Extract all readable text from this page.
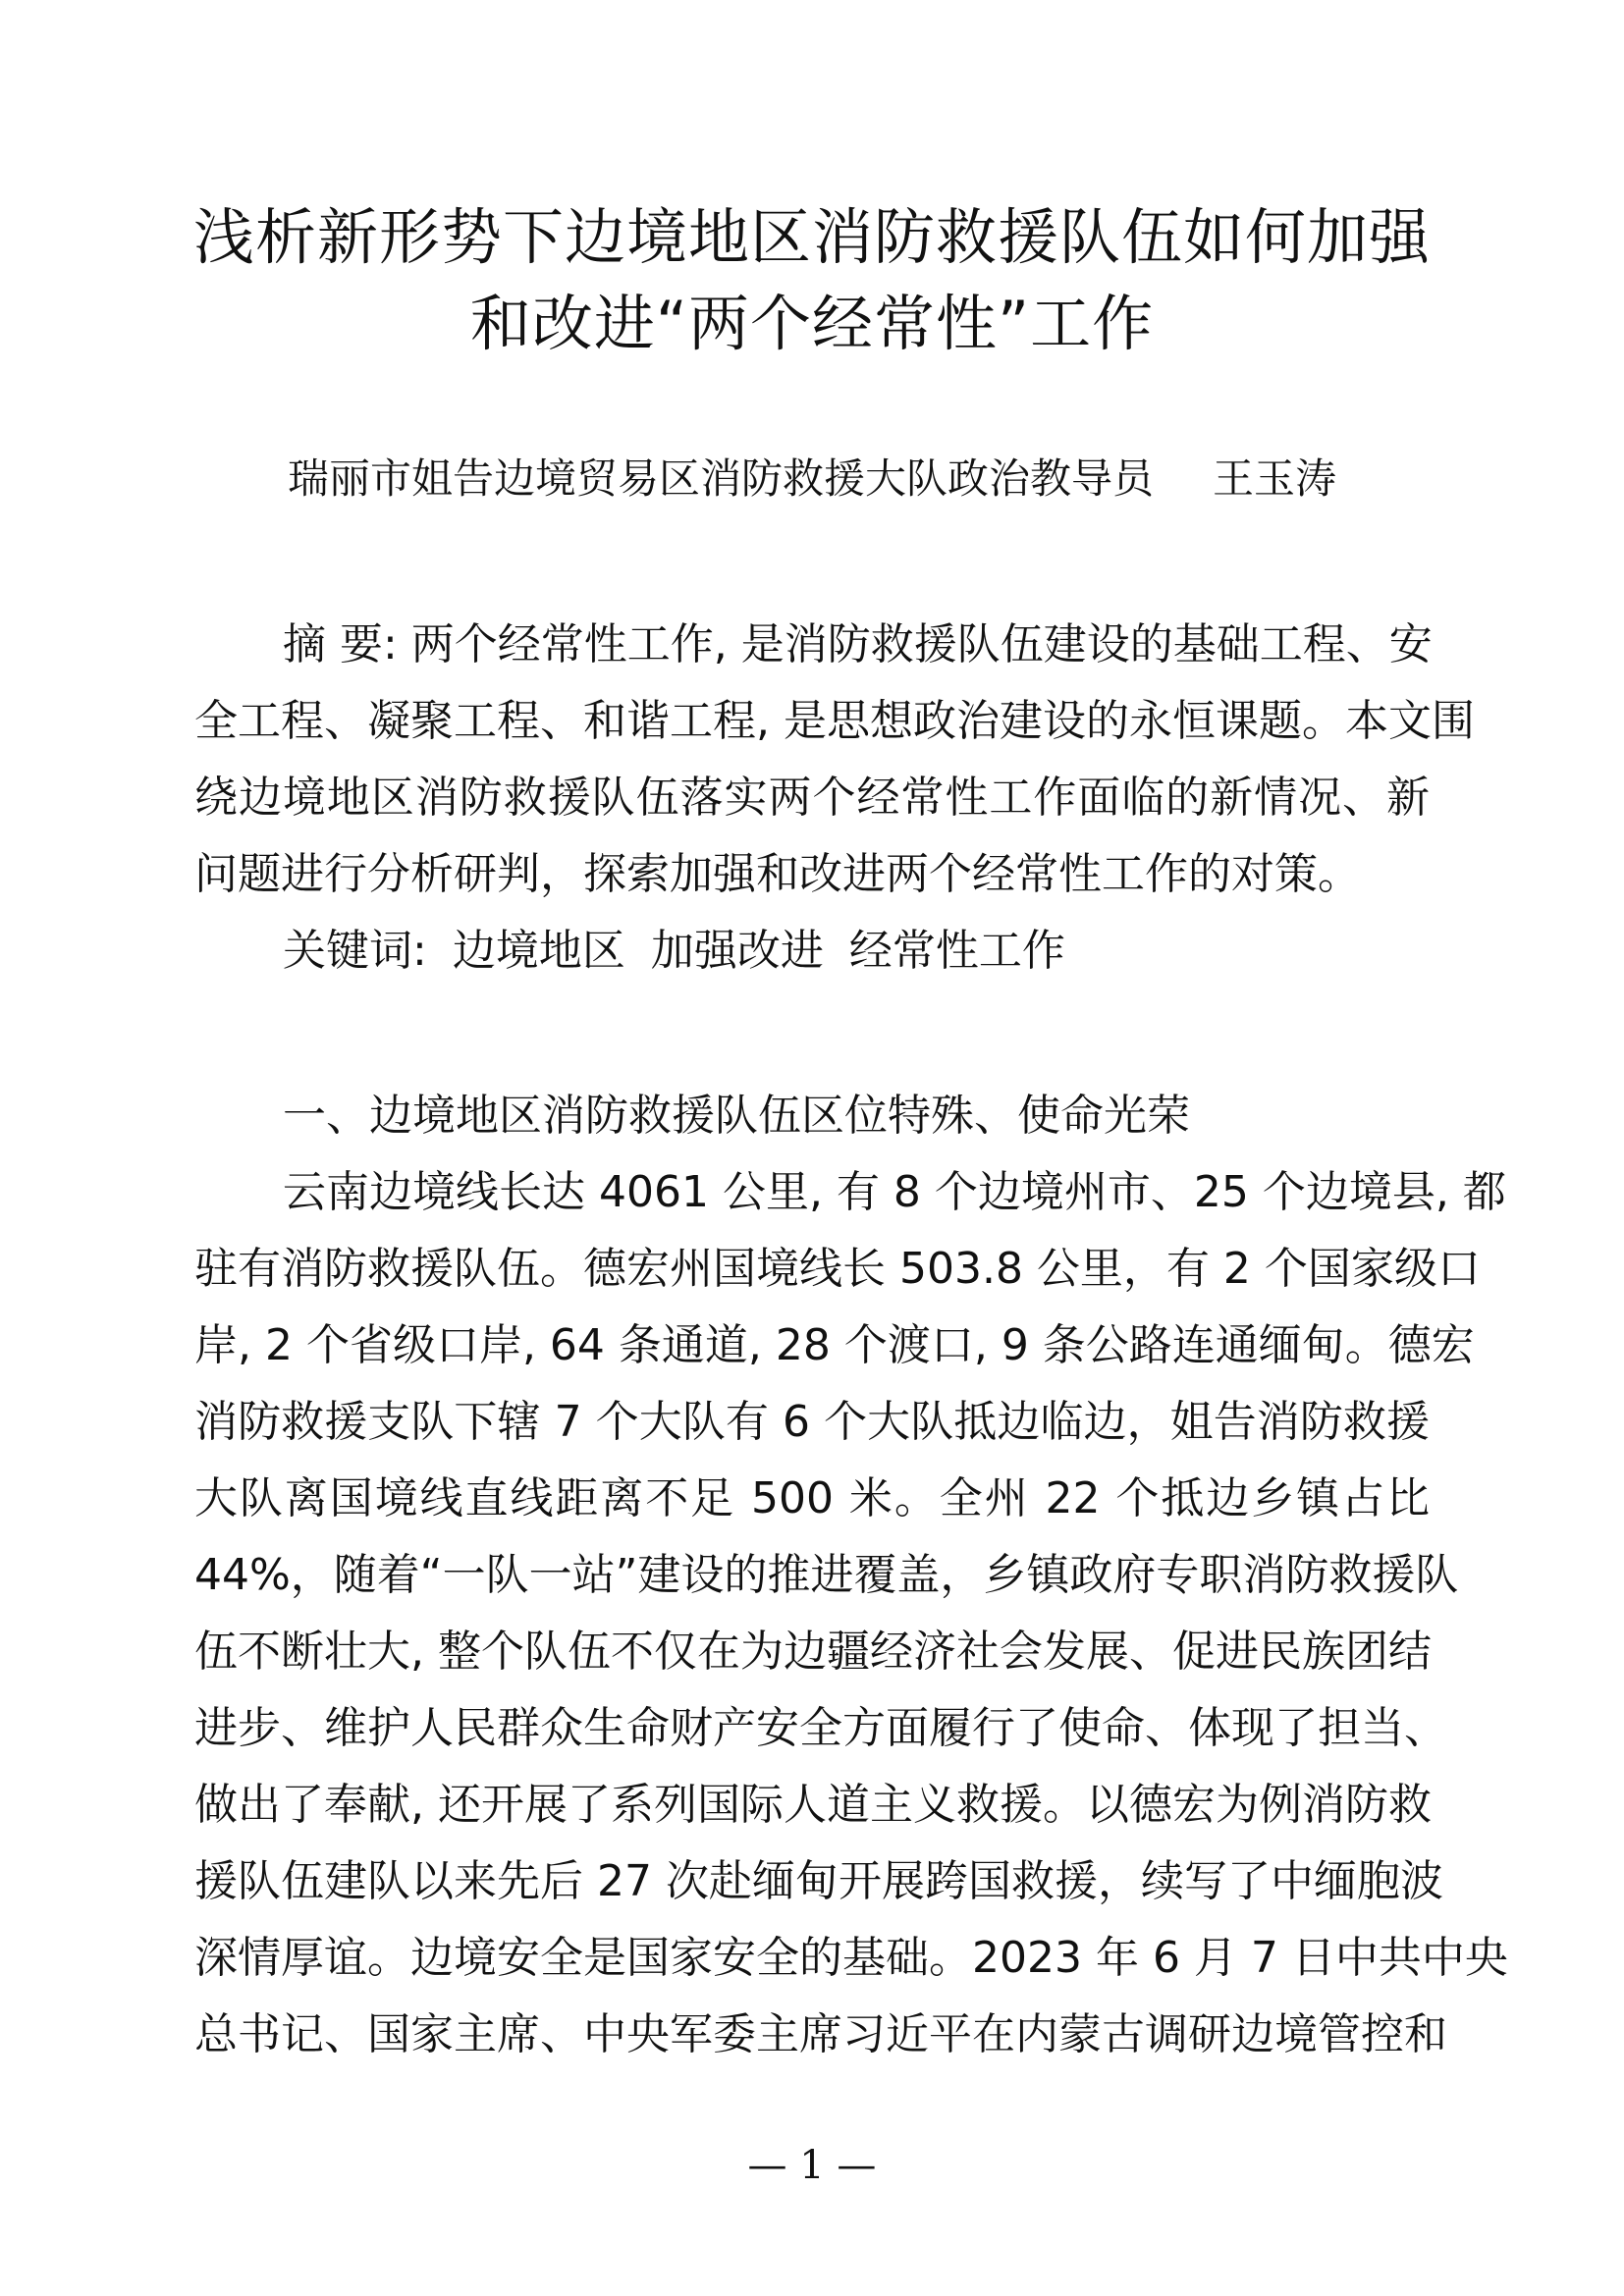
浅析新形势下边境地区消防救援队伍如何加强
和改进“两个经常性”工作
瑞丽市姐告边境贸易区消防救援大队政治教导员 王玉涛
摘 要: 两个经常性工作, 是消防救援队伍建设的基础工程、安
全工程、凝聚工程、和谐工程, 是思想政治建设的永恒课题。本文围
绕边境地区消防救援队伍落实两个经常性工作面临的新情况、新
问题进行分析研判，探索加强和改进两个经常性工作的对策。
关键词: 边境地区 加强改进 经常性工作
一、边境地区消防救援队伍区位特殊、使命光荣
云南边境线长达 4061 公里, 有 8 个边境州市、25 个边境县, 都
驻有消防救援队伍。德宏州国境线长 503.8 公里，有 2 个国家级口
岸, 2 个省级口岸, 64 条通道, 28 个渡口, 9 条公路连通缅甸。德宏
消防救援支队下辖 7 个大队有 6 个大队抵边临边，姐告消防救援
大队离国境线直线距离不足 500 米。全州 22 个抵边乡镇占比
44%，随着“一队一站”建设的推进覆盖，乡镇政府专职消防救援队
伍不断壮大, 整个队伍不仅在为边疆经济社会发展、促进民族团结
进步、维护人民群众生命财产安全方面履行了使命、体现了担当、
做出了奉献, 还开展了系列国际人道主义救援。以德宏为例消防救
援队伍建队以来先后 27 次赴缅甸开展跨国救援，续写了中缅胞波
深情厚谊。边境安全是国家安全的基础。2023 年 6 月 7 日中共中央
总书记、国家主席、中央军委主席习近平在内蒙古调研边境管控和
— 1 —
